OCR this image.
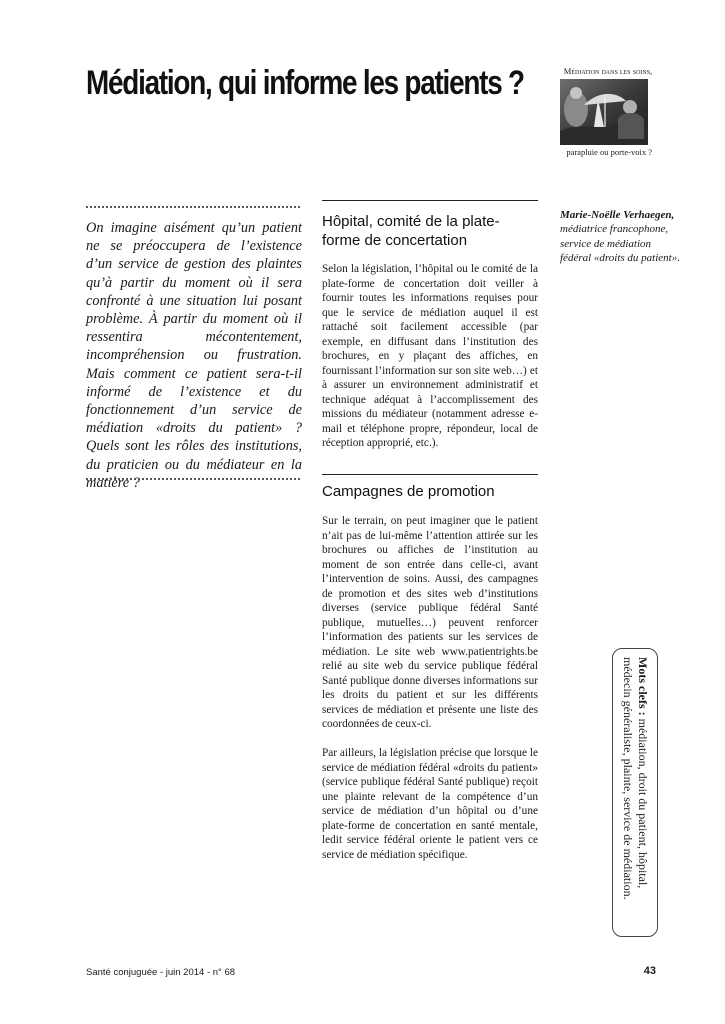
Médiation, qui informe les patients ?	Médiation dans les soins,
parapluie ou porte-voix ?

On imagine aisément qu’un patient ne se préoccupera de l’existence d’un service de gestion des plaintes qu’à partir du moment où il sera confronté à une situation lui posant problème. À partir du moment où il ressentira mécontentement, incompréhension ou frustration. Mais comment ce patient sera-t-il informé de l’existence et du fonctionnement d’un service de médiation «droits du patient» ? Quels sont les rôles des institutions, du praticien ou du médiateur en la matière ?

Hôpital, comité de la plate-forme de concertation

Selon la législation, l’hôpital ou le comité de la plate-forme de concertation doit veiller à fournir toutes les informations requises pour que le service de médiation auquel il est rattaché soit facilement accessible (par exemple, en diffusant dans l’institution des brochures, en y plaçant des affiches, en fournissant l’information sur son site web…) et à assurer un environnement administratif et technique adéquat à l’accomplissement des missions du médiateur (notamment adresse e-mail et téléphone propre, répondeur, local de réception approprié, etc.).

Campagnes de promotion

Sur le terrain, on peut imaginer que le patient n’ait pas de lui-même l’attention attirée sur les brochures ou affiches de l’institution au moment de son entrée dans celle-ci, avant l’intervention de soins. Aussi, des campagnes de promotion et des sites web d’institutions diverses (service publique fédéral Santé publique, mutuelles…) peuvent renforcer l’information des patients sur les services de médiation. Le site web www.patientrights.be relié au site web du service publique fédéral Santé publique donne diverses informations sur les droits du patient et sur les différents services de médiation et présente une liste des coordonnées de ceux-ci.

Par ailleurs, la législation précise que lorsque le service de médiation fédéral «droits du patient» (service publique fédéral Santé publique) reçoit une plainte relevant de la compétence d’un service de médiation d’un hôpital ou d’une plate-forme de concertation en santé mentale, ledit service fédéral oriente le patient vers ce service de médiation spécifique.

Marie-Noëlle Verhaegen,
médiatrice francophone, service de médiation fédéral «droits du patient».

Mots clefs : médiation, droit du patient, hôpital, médecin généraliste, plainte, service de médiation.
Santé conjuguée - juin 2014 - n° 68	43
